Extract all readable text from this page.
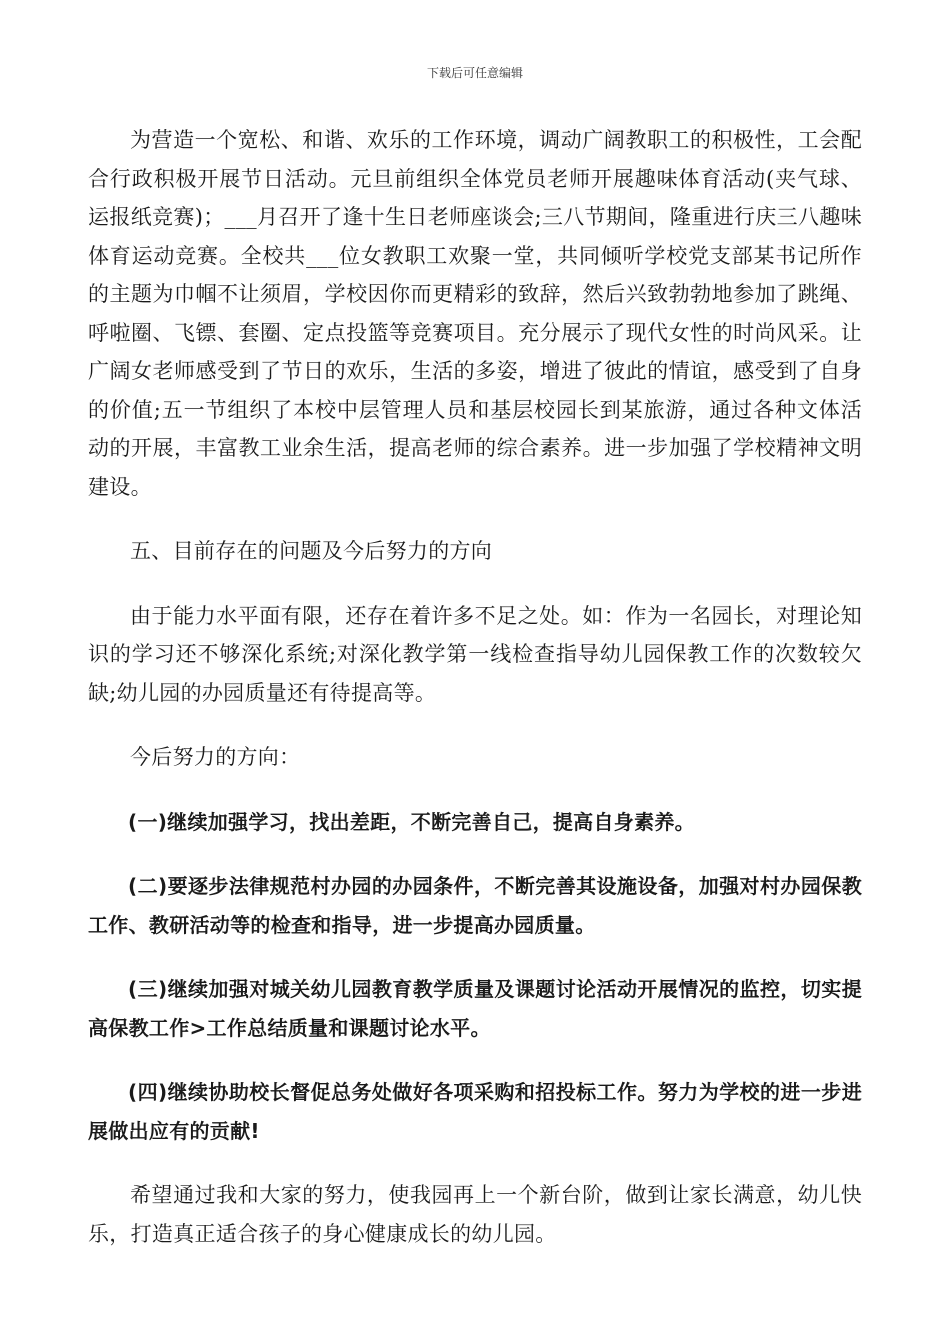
下载后可任意编辑

为营造一个宽松、和谐、欢乐的工作环境，调动广阔教职工的积极性，工会配合行政积极开展节日活动。元旦前组织全体党员老师开展趣味体育活动(夹气球、运报纸竞赛)；___月召开了逢十生日老师座谈会;三八节期间，隆重进行庆三八趣味体育运动竞赛。全校共___位女教职工欢聚一堂，共同倾听学校党支部某书记所作的主题为巾帼不让须眉，学校因你而更精彩的致辞，然后兴致勃勃地参加了跳绳、呼啦圈、飞镖、套圈、定点投篮等竞赛项目。充分展示了现代女性的时尚风采。让广阔女老师感受到了节日的欢乐，生活的多姿，增进了彼此的情谊，感受到了自身的价值;五一节组织了本校中层管理人员和基层校园长到某旅游，通过各种文体活动的开展，丰富教工业余生活，提高老师的综合素养。进一步加强了学校精神文明建设。

五、目前存在的问题及今后努力的方向

由于能力水平面有限，还存在着许多不足之处。如：作为一名园长，对理论知识的学习还不够深化系统;对深化教学第一线检查指导幼儿园保教工作的次数较欠缺;幼儿园的办园质量还有待提高等。

今后努力的方向：

(一)继续加强学习，找出差距，不断完善自己，提高自身素养。

(二)要逐步法律规范村办园的办园条件，不断完善其设施设备，加强对村办园保教工作、教研活动等的检查和指导，进一步提高办园质量。

(三)继续加强对城关幼儿园教育教学质量及课题讨论活动开展情况的监控，切实提高保教工作>工作总结质量和课题讨论水平。

(四)继续协助校长督促总务处做好各项采购和招投标工作。努力为学校的进一步进展做出应有的贡献!

希望通过我和大家的努力，使我园再上一个新台阶，做到让家长满意，幼儿快乐，打造真正适合孩子的身心健康成长的幼儿园。
